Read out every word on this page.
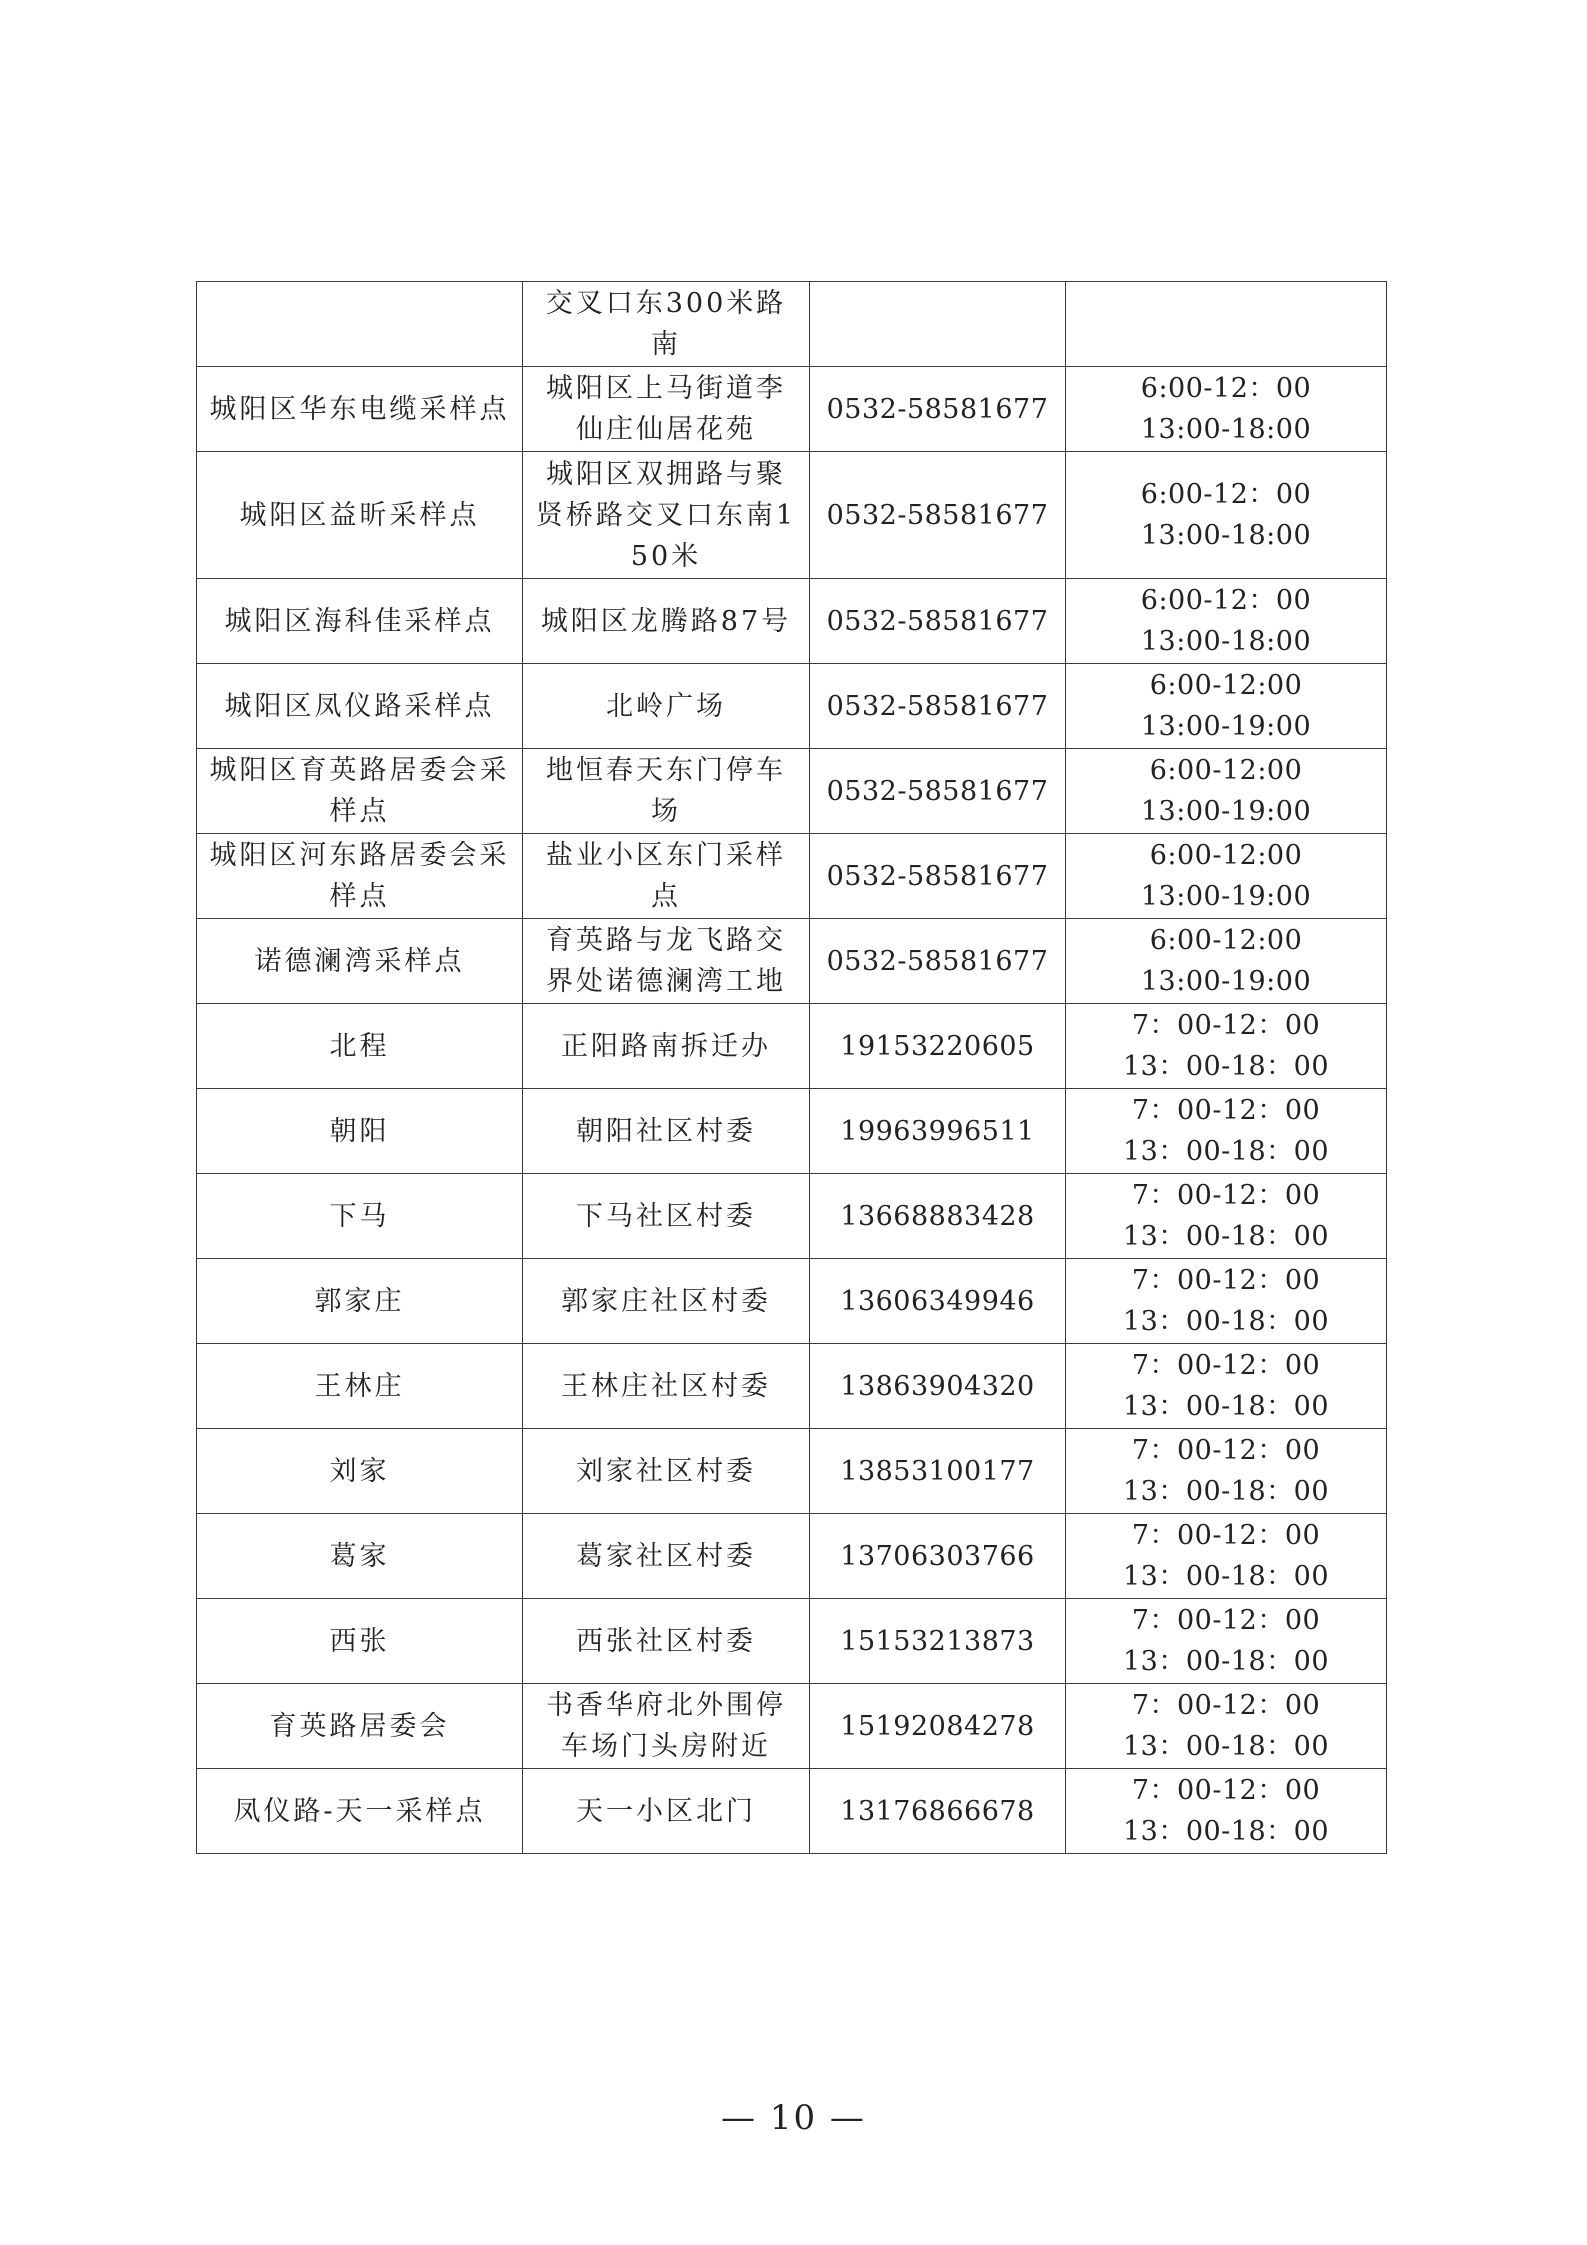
	交叉口东300米路南		

城阳区华东电缆采样点	城阳区上马街道李仙庄仙居花苑	0532-58581677	6:00-12：00
13:00-18:00

城阳区益昕采样点	城阳区双拥路与聚贤桥路交叉口东南150米	0532-58581677	6:00-12：00
13:00-18:00

城阳区海科佳采样点	城阳区龙腾路87号	0532-58581677	6:00-12：00
13:00-18:00

城阳区凤仪路采样点	北岭广场	0532-58581677	6:00-12:00
13:00-19:00

城阳区育英路居委会采样点	地恒春天东门停车场	0532-58581677	6:00-12:00
13:00-19:00

城阳区河东路居委会采样点	盐业小区东门采样点	0532-58581677	6:00-12:00
13:00-19:00

诺德澜湾采样点	育英路与龙飞路交界处诺德澜湾工地	0532-58581677	6:00-12:00
13:00-19:00

北程	正阳路南拆迁办	19153220605	7：00-12：00
13：00-18：00

朝阳	朝阳社区村委	19963996511	7：00-12：00
13：00-18：00

下马	下马社区村委	13668883428	7：00-12：00
13：00-18：00

郭家庄	郭家庄社区村委	13606349946	7：00-12：00
13：00-18：00

王林庄	王林庄社区村委	13863904320	7：00-12：00
13：00-18：00

刘家	刘家社区村委	13853100177	7：00-12：00
13：00-18：00

葛家	葛家社区村委	13706303766	7：00-12：00
13：00-18：00

西张	西张社区村委	15153213873	7：00-12：00
13：00-18：00

育英路居委会	书香华府北外围停车场门头房附近	15192084278	7：00-12：00
13：00-18：00

凤仪路-天一采样点	天一小区北门	13176866678	7：00-12：00
13：00-18：00
— 10 —
